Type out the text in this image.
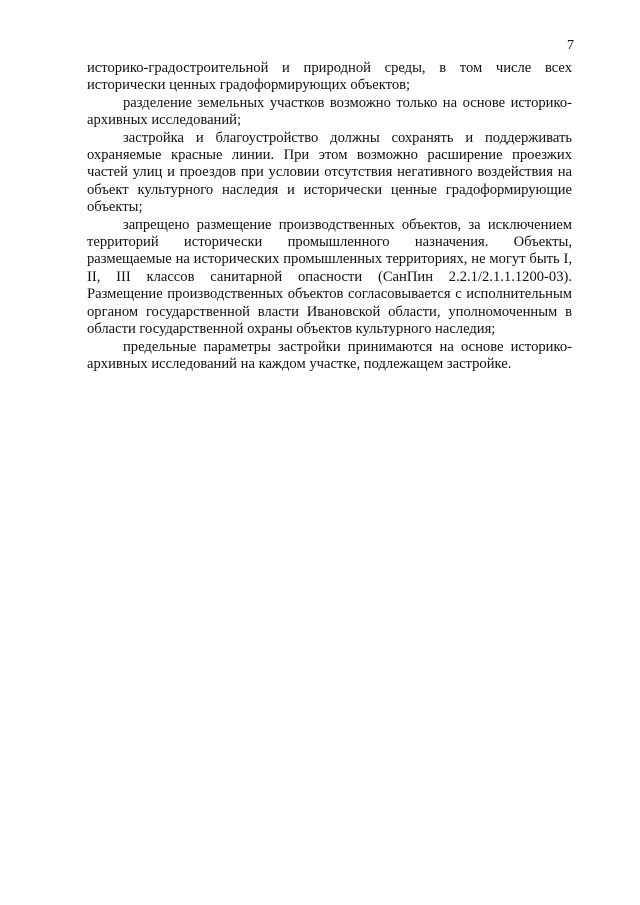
7

историко-градостроительной и природной среды, в том числе всех исторически ценных градоформирующих объектов;

разделение земельных участков возможно только на основе историко-архивных исследований;

застройка и благоустройство должны сохранять и поддерживать охраняемые красные линии. При этом возможно расширение проезжих частей улиц и проездов при условии отсутствия негативного воздействия на объект культурного наследия и исторически ценные градоформирующие объекты;

запрещено размещение производственных объектов, за исключением территорий исторически промышленного назначения. Объекты, размещаемые на исторических промышленных территориях, не могут быть I, II, III классов санитарной опасности (СанПин 2.2.1/2.1.1.1200-03). Размещение производственных объектов согласовывается с исполнительным органом государственной власти Ивановской области, уполномоченным в области государственной охраны объектов культурного наследия;

предельные параметры застройки принимаются на основе историко-архивных исследований на каждом участке, подлежащем застройке.
